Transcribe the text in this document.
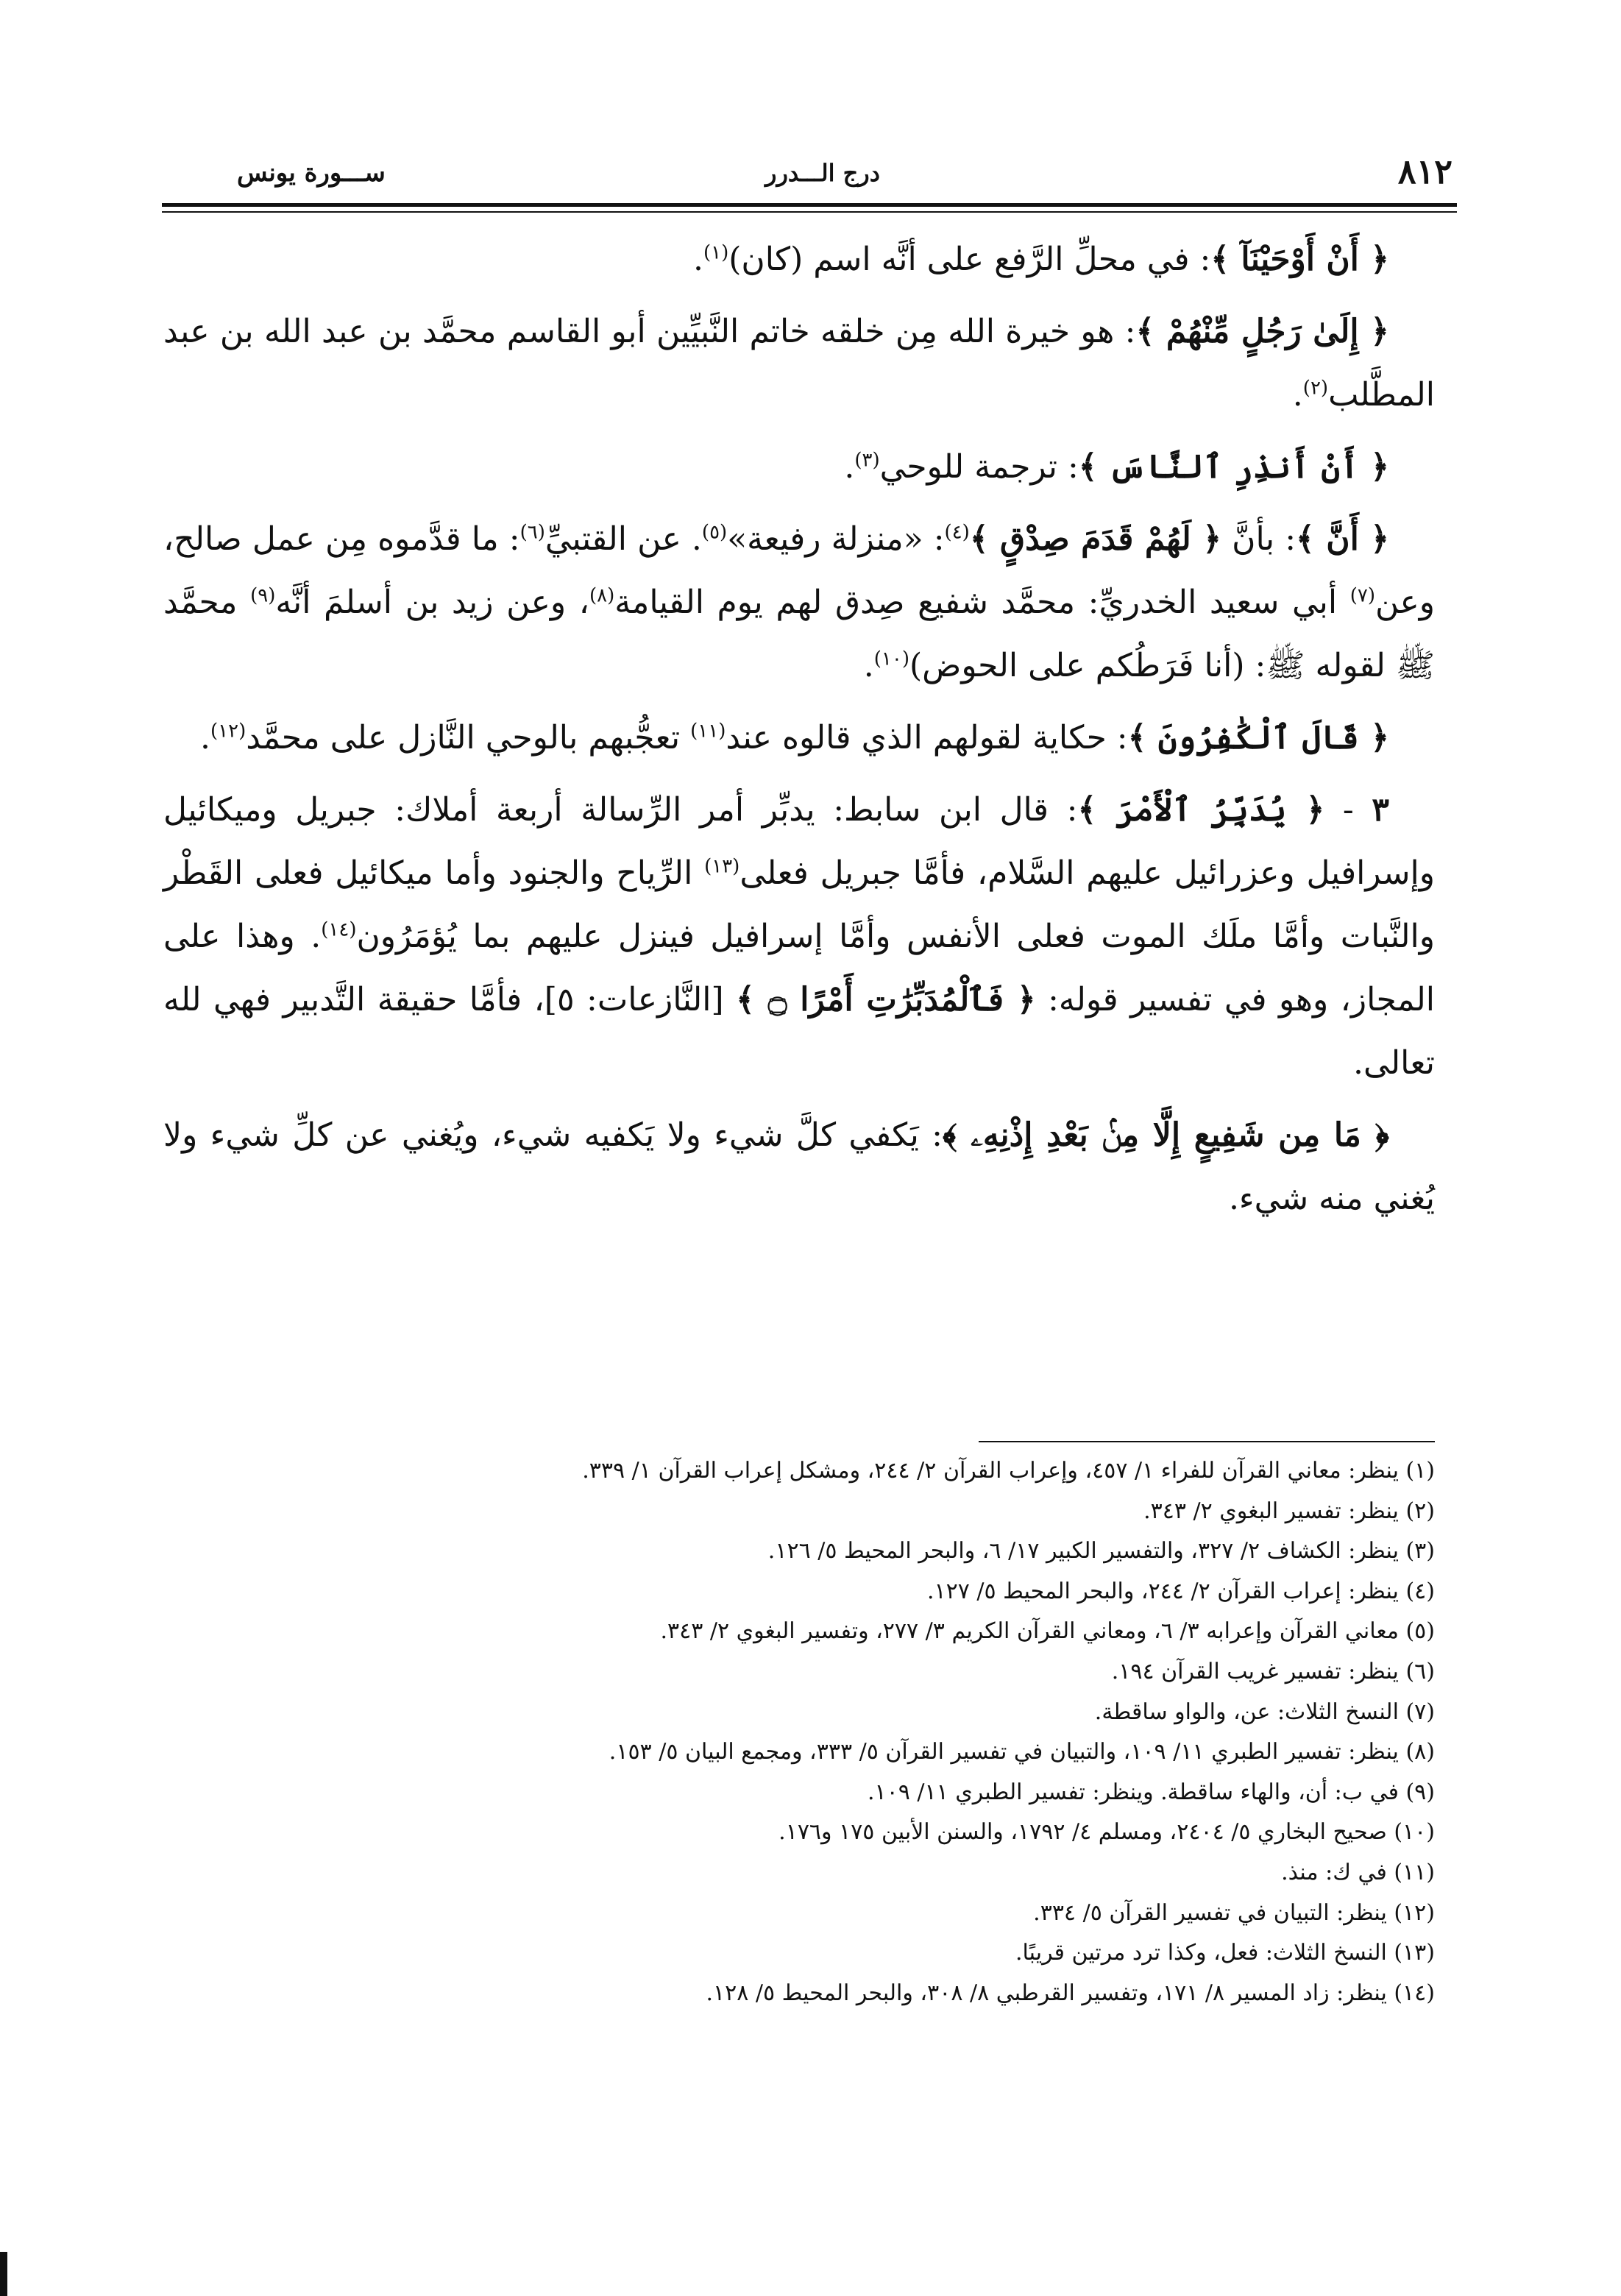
٨١٢
درج الـــدرر
ســـورة يونس

﴿ أَنْ أَوْحَيْنَآ ﴾: في محلِّ الرَّفع على أنَّه اسم (كان)$^{(١)}$.

﴿ إِلَىٰ رَجُلٍ مِّنْهُمْ ﴾: هو خيرة الله مِن خلقه خاتم النَّبيِّين أبو القاسم محمَّد بن عبد الله بن عبد المطَّلب$^{(٢)}$.

﴿ أَنْ أَنذِرِ ٱلنَّاسَ ﴾: ترجمة للوحي$^{(٣)}$.

﴿ أَنَّ ﴾: بأنَّ ﴿ لَهُمْ قَدَمَ صِدْقٍ ﴾$^{(٤)}$: «منزلة رفيعة»$^{(٥)}$. عن القتبيِّ$^{(٦)}$: ما قدَّموه مِن عمل صالح، وعن$^{(٧)}$ أبي سعيد الخدريِّ: محمَّد شفيع صِدق لهم يوم القيامة$^{(٨)}$، وعن زيد بن أسلمَ أنَّه$^{(٩)}$ محمَّد ﷺ لقوله ﷺ: (أنا فَرَطُكم على الحوض)$^{(١٠)}$.

﴿ قَالَ ٱلْكَٰفِرُونَ ﴾: حكاية لقولهم الذي قالوه عند$^{(١١)}$ تعجُّبهم بالوحي النَّازل على محمَّد$^{(١٢)}$.

٣ - ﴿ يُدَبِّرُ ٱلْأَمْرَ ﴾: قال ابن سابط: يدبِّر أمر الرِّسالة أربعة أملاك: جبريل وميكائيل وإسرافيل وعزرائيل عليهم السَّلام، فأمَّا جبريل فعلى$^{(١٣)}$ الرِّياح والجنود وأما ميكائيل فعلى القَطْر والنَّبات وأمَّا ملَك الموت فعلى الأنفس وأمَّا إسرافيل فينزل عليهم بما يُؤمَرُون$^{(١٤)}$. وهذا على المجاز، وهو في تفسير قوله: ﴿ فَٱلْمُدَبِّرَٰتِ أَمْرًا ۝ ﴾ [النَّازعات: ٥]، فأمَّا حقيقة التَّدبير فهي لله تعالى.

﴿ مَا مِن شَفِيعٍ إِلَّا مِنۢ بَعْدِ إِذْنِهِۦ ﴾: يَكفي كلَّ شيء ولا يَكفيه شيء، ويُغني عن كلِّ شيء ولا يُغني منه شيء.

(١) ينظر: معاني القرآن للفراء ١/ ٤٥٧، وإعراب القرآن ٢/ ٢٤٤، ومشكل إعراب القرآن ١/ ٣٣٩.

(٢) ينظر: تفسير البغوي ٢/ ٣٤٣.

(٣) ينظر: الكشاف ٢/ ٣٢٧، والتفسير الكبير ١٧/ ٦، والبحر المحيط ٥/ ١٢٦.

(٤) ينظر: إعراب القرآن ٢/ ٢٤٤، والبحر المحيط ٥/ ١٢٧.

(٥) معاني القرآن وإعرابه ٣/ ٦، ومعاني القرآن الكريم ٣/ ٢٧٧، وتفسير البغوي ٢/ ٣٤٣.

(٦) ينظر: تفسير غريب القرآن ١٩٤.

(٧) النسخ الثلاث: عن، والواو ساقطة.

(٨) ينظر: تفسير الطبري ١١/ ١٠٩، والتبيان في تفسير القرآن ٥/ ٣٣٣، ومجمع البيان ٥/ ١٥٣.

(٩) في ب: أن، والهاء ساقطة. وينظر: تفسير الطبري ١١/ ١٠٩.

(١٠) صحيح البخاري ٥/ ٢٤٠٤، ومسلم ٤/ ١٧٩٢، والسنن الأبين ١٧٥ و١٧٦.

(١١) في ك: منذ.

(١٢) ينظر: التبيان في تفسير القرآن ٥/ ٣٣٤.

(١٣) النسخ الثلاث: فعل، وكذا ترد مرتين قريبًا.

(١٤) ينظر: زاد المسير ٨/ ١٧١، وتفسير القرطبي ٨/ ٣٠٨، والبحر المحيط ٥/ ١٢٨.
